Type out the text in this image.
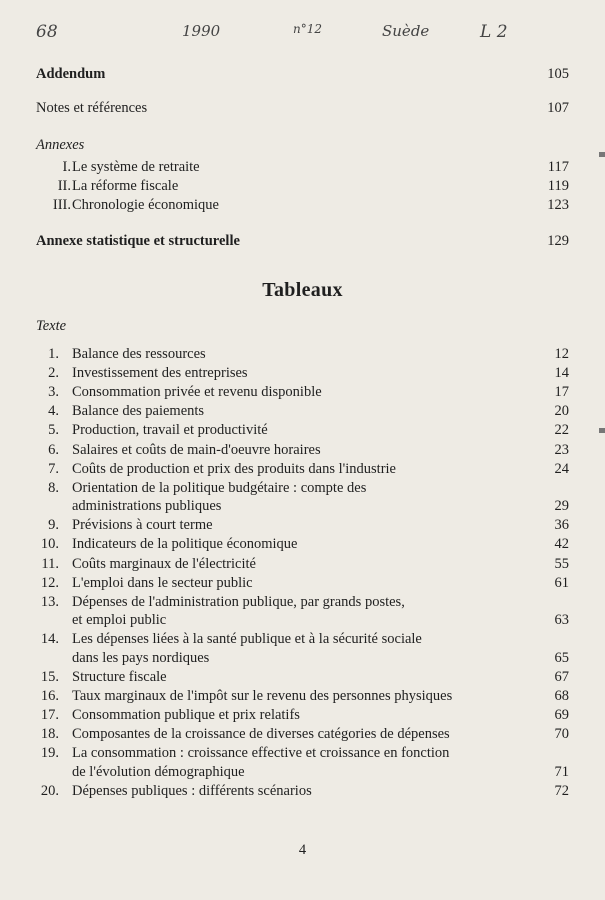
68	1990	n°12	Suède	L 2
Addendum	105
Notes et références	107
Annexes
I. Le système de retraite	117
II. La réforme fiscale	119
III. Chronologie économique	123
Annexe statistique et structurelle	129
Tableaux
Texte
1. Balance des ressources	12
2. Investissement des entreprises	14
3. Consommation privée et revenu disponible	17
4. Balance des paiements	20
5. Production, travail et productivité	22
6. Salaires et coûts de main-d'oeuvre horaires	23
7. Coûts de production et prix des produits dans l'industrie	24
8. Orientation de la politique budgétaire : compte des
administrations publiques	29
9. Prévisions à court terme	36
10. Indicateurs de la politique économique	42
11. Coûts marginaux de l'électricité	55
12. L'emploi dans le secteur public	61
13. Dépenses de l'administration publique, par grands postes,
et emploi public	63
14. Les dépenses liées à la santé publique et à la sécurité sociale
dans les pays nordiques	65
15. Structure fiscale	67
16. Taux marginaux de l'impôt sur le revenu des personnes physiques	68
17. Consommation publique et prix relatifs	69
18. Composantes de la croissance de diverses catégories de dépenses	70
19. La consommation : croissance effective et croissance en fonction
de l'évolution démographique	71
20. Dépenses publiques : différents scénarios	72
4
